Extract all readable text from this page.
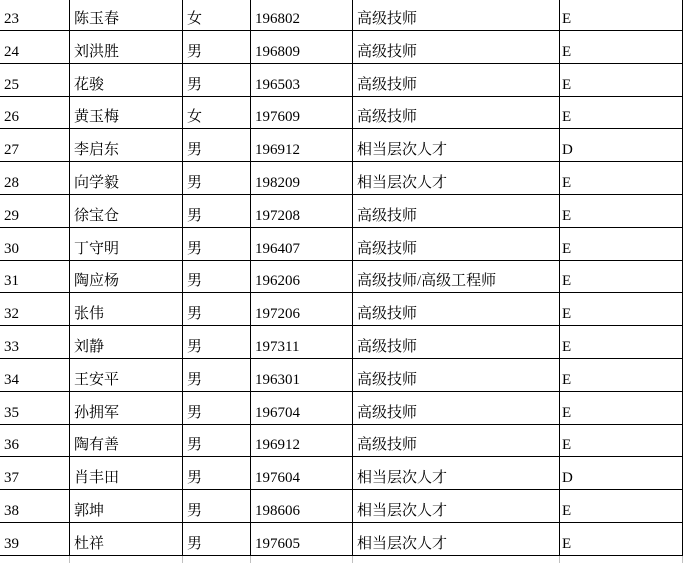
23	陈玉春	女	196802	高级技师	E
24	刘洪胜	男	196809	高级技师	E
25	花骏	男	196503	高级技师	E
26	黄玉梅	女	197609	高级技师	E
27	李启东	男	196912	相当层次人才	D
28	向学毅	男	198209	相当层次人才	E
29	徐宝仓	男	197208	高级技师	E
30	丁守明	男	196407	高级技师	E
31	陶应杨	男	196206	高级技师/高级工程师	E
32	张伟	男	197206	高级技师	E
33	刘静	男	197311	高级技师	E
34	王安平	男	196301	高级技师	E
35	孙拥军	男	196704	高级技师	E
36	陶有善	男	196912	高级技师	E
37	肖丰田	男	197604	相当层次人才	D
38	郭坤	男	198606	相当层次人才	E
39	杜祥	男	197605	相当层次人才	E
